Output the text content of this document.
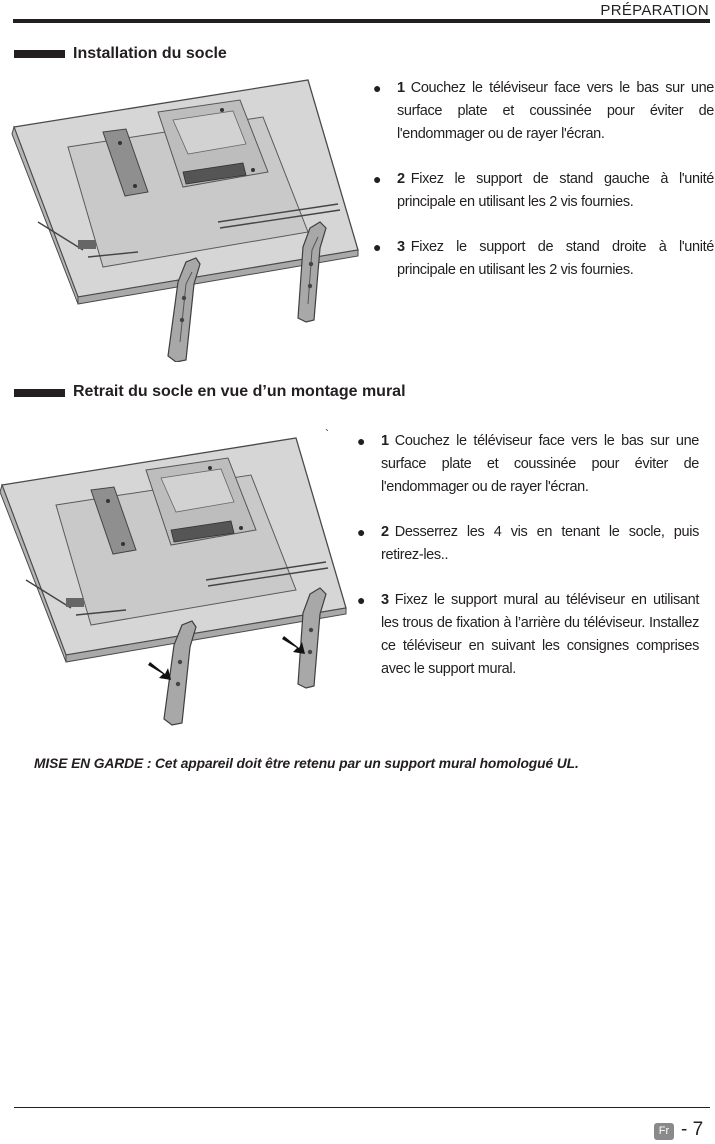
PRÉPARATION
Installation du socle
● 1 Couchez le téléviseur face vers le bas sur une surface plate et coussinée pour éviter de l'endommager ou de rayer l'écran.
● 2 Fixez le support de stand gauche à l'unité principale en utilisant les 2 vis fournies.
● 3 Fixez le support de stand droite à l'unité principale en utilisant les 2 vis fournies.
Retrait du socle en vue d’un montage mural
` ● 1 Couchez le téléviseur face vers le bas sur une surface plate et coussinée pour éviter de l'endommager ou de rayer l'écran.
● 2 Desserrez les 4 vis en tenant le socle, puis retirez-les..
● 3 Fixez le support mural au téléviseur en utilisant les trous de fixation à l’arrière du téléviseur. Installez ce téléviseur en suivant les consignes comprises avec le support mural.
MISE EN GARDE : Cet appareil doit être retenu par un support mural homologué UL.
Fr - 7
